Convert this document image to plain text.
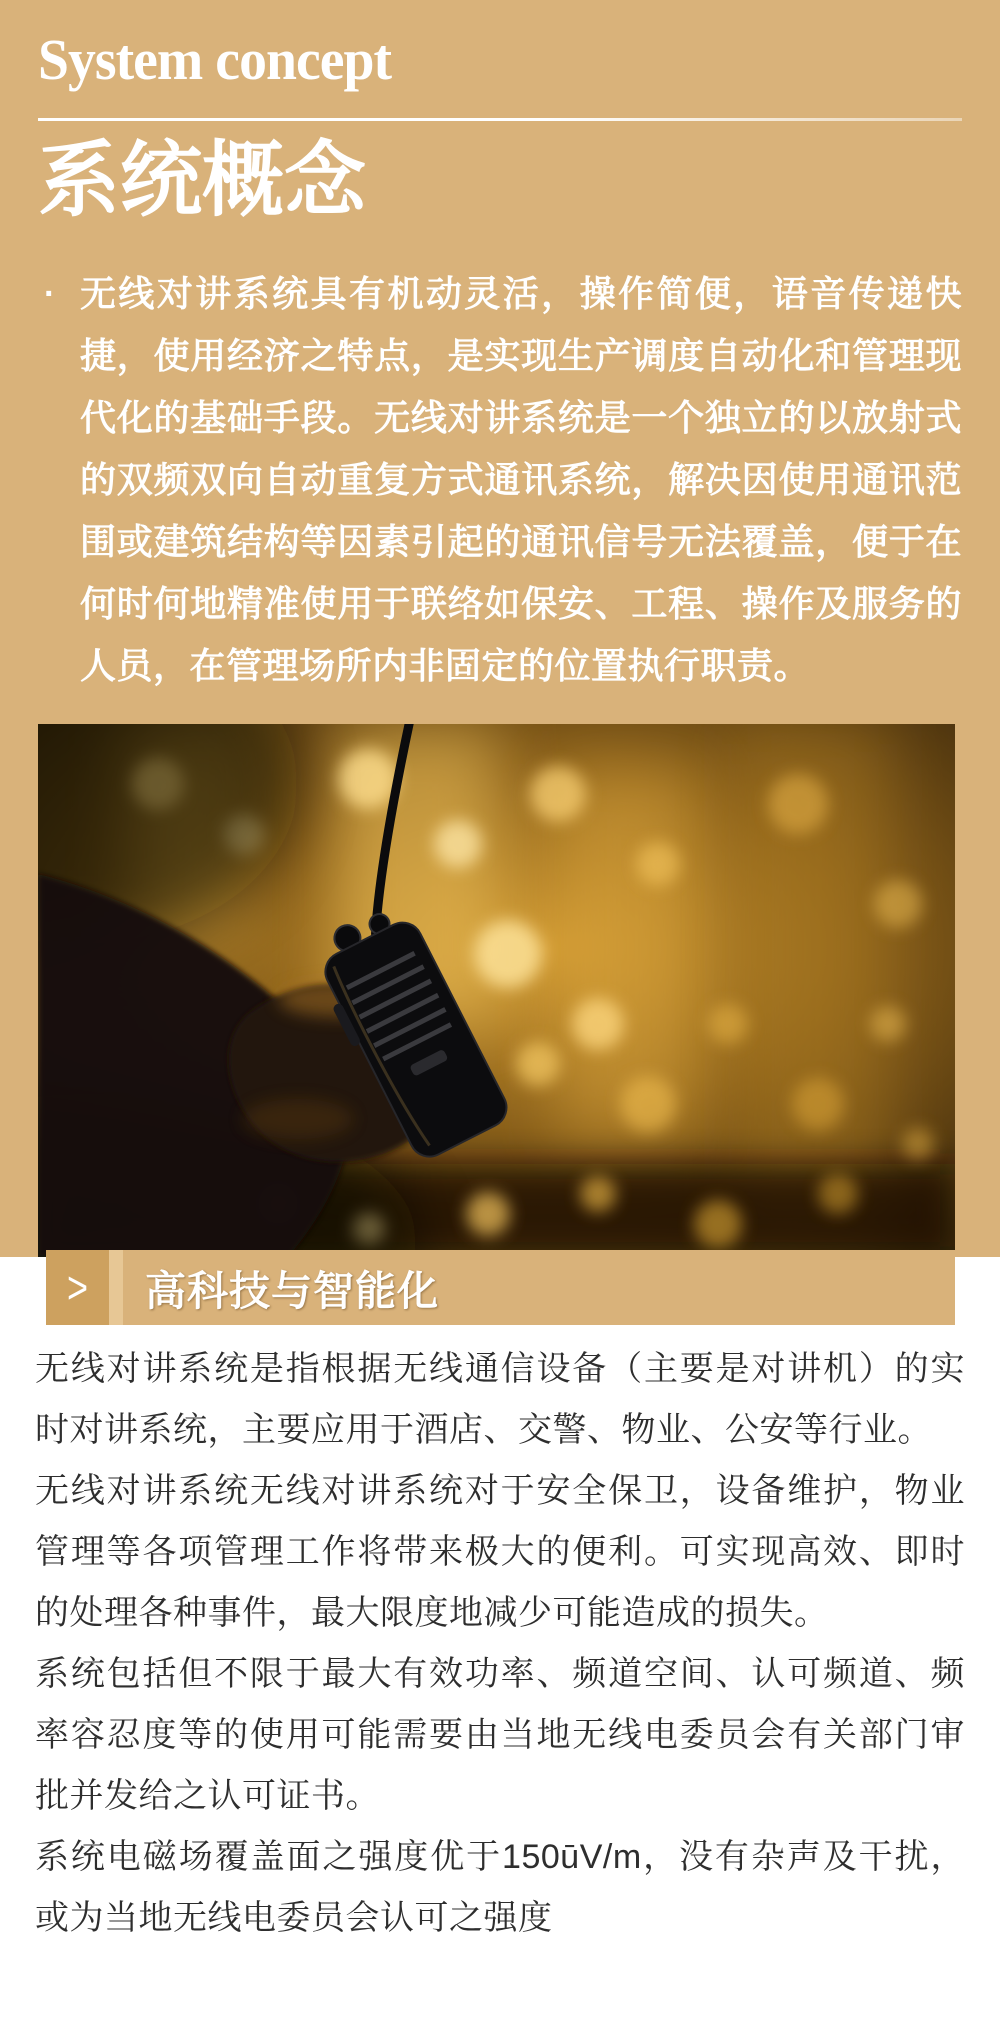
System concept
系统概念
· 无线对讲系统具有机动灵活，操作简便，语音传递快捷，使用经济之特点，是实现生产调度自动化和管理现代化的基础手段。无线对讲系统是一个独立的以放射式的双频双向自动重复方式通讯系统，解决因使用通讯范围或建筑结构等因素引起的通讯信号无法覆盖，便于在何时何地精准使用于联络如保安、工程、操作及服务的人员，在管理场所内非固定的位置执行职责。
> 高科技与智能化

无线对讲系统是指根据无线通信设备（主要是对讲机）的实时对讲系统，主要应用于酒店、交警、物业、公安等行业。

无线对讲系统无线对讲系统对于安全保卫，设备维护，物业管理等各项管理工作将带来极大的便利。可实现高效、即时的处理各种事件，最大限度地减少可能造成的损失。

系统包括但不限于最大有效功率、频道空间、认可频道、频率容忍度等的使用可能需要由当地无线电委员会有关部门审批并发给之认可证书。

系统电磁场覆盖面之强度优于150ūV/m，没有杂声及干扰，或为当地无线电委员会认可之强度
